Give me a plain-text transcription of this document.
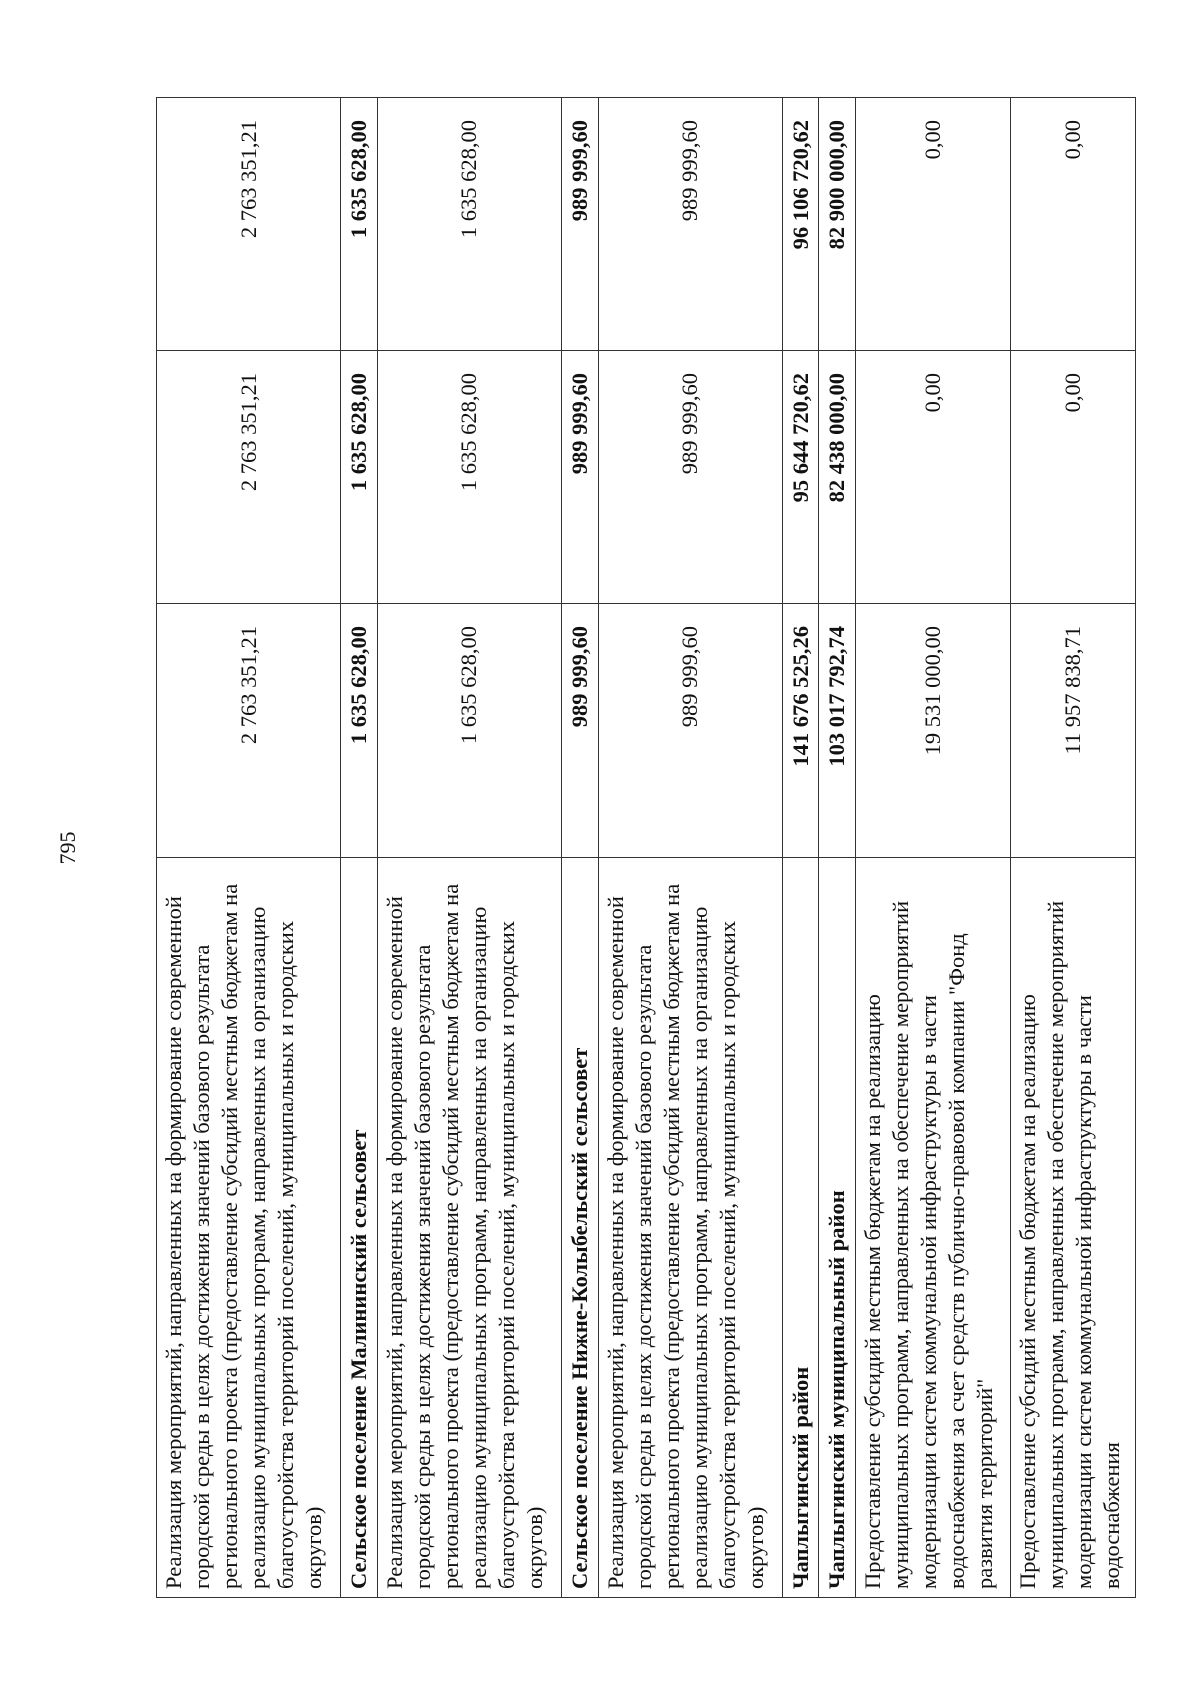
795
Реализация мероприятий, направленных на формирование современной городской среды в целях достижения значений базового результата регионального проекта (предоставление субсидий местным бюджетам на реализацию муниципальных программ, направленных на организацию благоустройства территорий поселений, муниципальных и городских округов)	2 763 351,21	2 763 351,21	2 763 351,21
Сельское поселение Малининский сельсовет	1 635 628,00	1 635 628,00	1 635 628,00
Реализация мероприятий, направленных на формирование современной городской среды в целях достижения значений базового результата регионального проекта (предоставление субсидий местным бюджетам на реализацию муниципальных программ, направленных на организацию благоустройства территорий поселений, муниципальных и городских округов)	1 635 628,00	1 635 628,00	1 635 628,00
Сельское поселение Нижне-Колыбельский сельсовет	989 999,60	989 999,60	989 999,60
Реализация мероприятий, направленных на формирование современной городской среды в целях достижения значений базового результата регионального проекта (предоставление субсидий местным бюджетам на реализацию муниципальных программ, направленных на организацию благоустройства территорий поселений, муниципальных и городских округов)	989 999,60	989 999,60	989 999,60
Чаплыгинский район	141 676 525,26	95 644 720,62	96 106 720,62
Чаплыгинский муниципальный район	103 017 792,74	82 438 000,00	82 900 000,00
Предоставление субсидий местным бюджетам на реализацию муниципальных программ, направленных на обеспечение мероприятий модернизации систем коммунальной инфраструктуры в части водоснабжения за счет средств публично-правовой компании "Фонд развития территорий"	19 531 000,00	0,00	0,00
Предоставление субсидий местным бюджетам на реализацию муниципальных программ, направленных на обеспечение мероприятий модернизации систем коммунальной инфраструктуры в части водоснабжения	11 957 838,71	0,00	0,00
